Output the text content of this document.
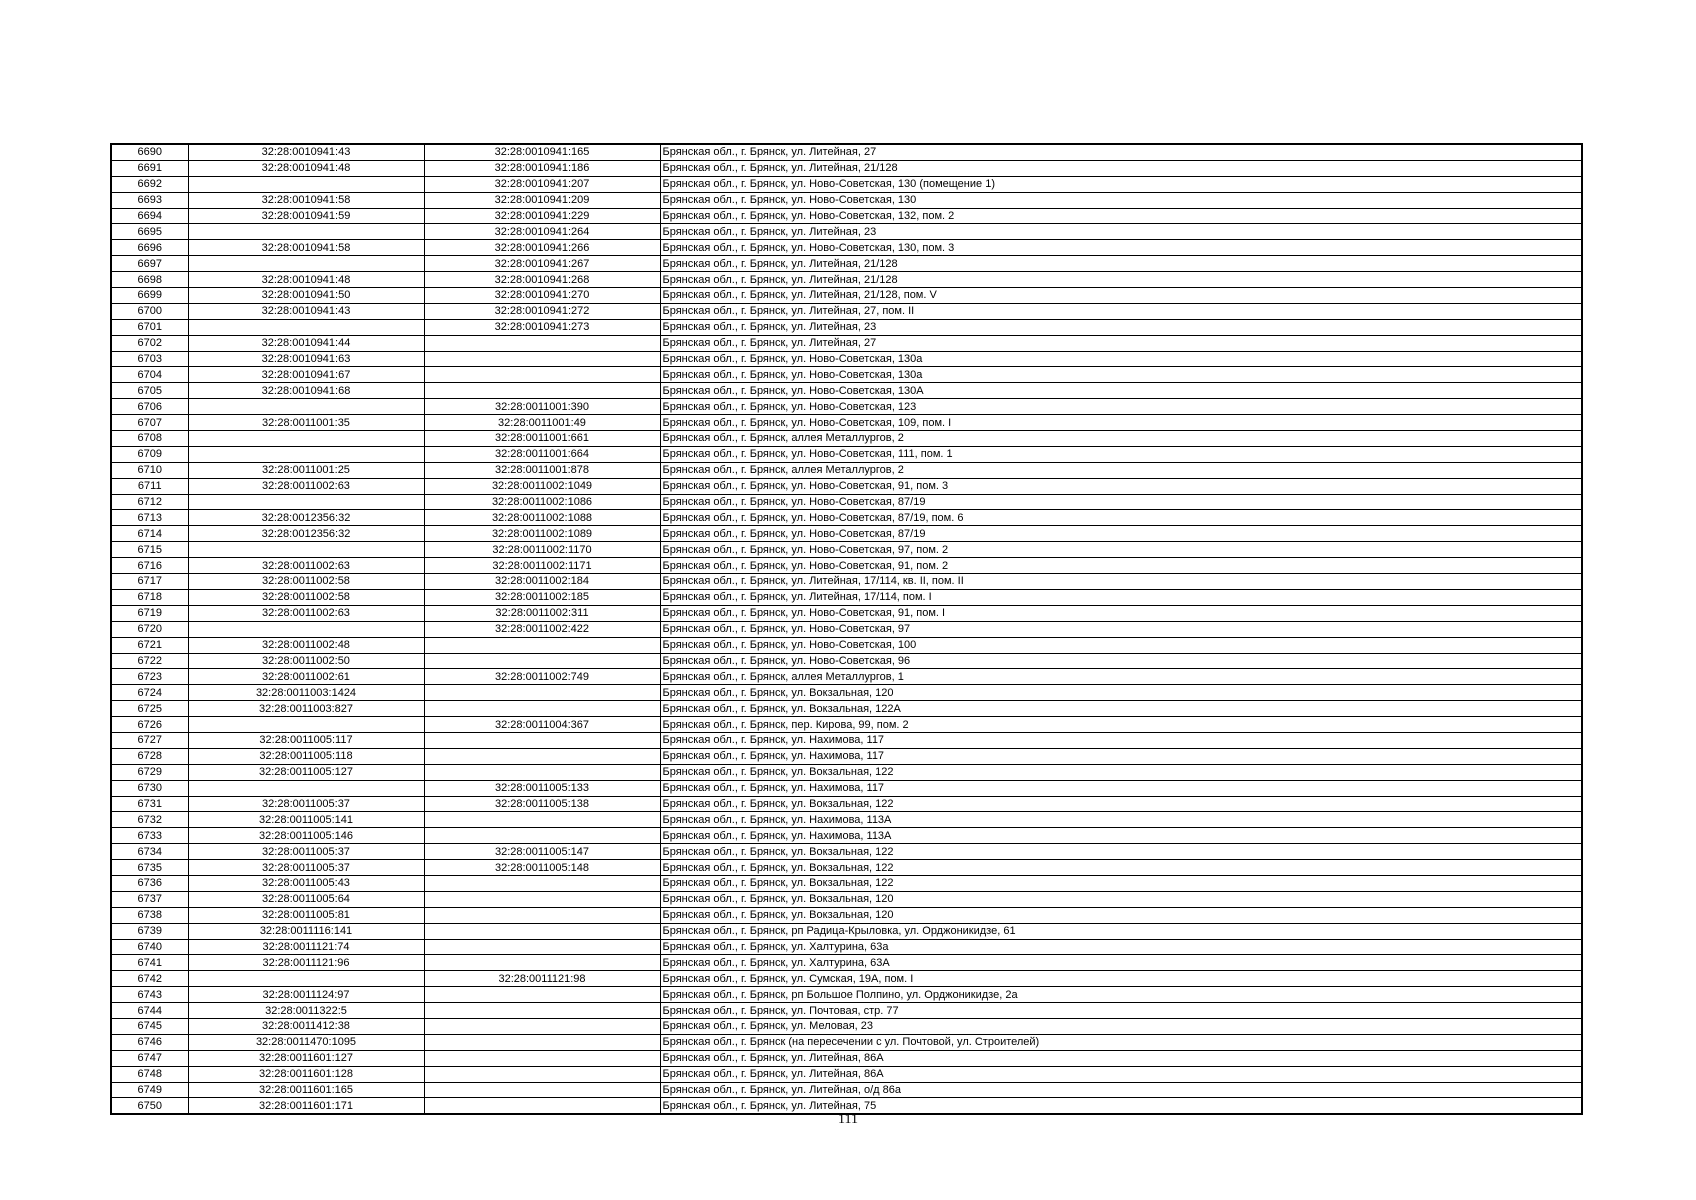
6690	32:28:0010941:43	32:28:0010941:165	Брянская обл., г. Брянск, ул. Литейная, 27
6691	32:28:0010941:48	32:28:0010941:186	Брянская обл., г. Брянск, ул. Литейная, 21/128
6692		32:28:0010941:207	Брянская обл., г. Брянск, ул. Ново-Советская, 130 (помещение 1)
6693	32:28:0010941:58	32:28:0010941:209	Брянская обл., г. Брянск, ул. Ново-Советская, 130
6694	32:28:0010941:59	32:28:0010941:229	Брянская обл., г. Брянск, ул. Ново-Советская, 132, пом. 2
6695		32:28:0010941:264	Брянская обл., г. Брянск, ул. Литейная, 23
6696	32:28:0010941:58	32:28:0010941:266	Брянская обл., г. Брянск, ул. Ново-Советская, 130, пом. 3
6697		32:28:0010941:267	Брянская обл., г. Брянск, ул. Литейная, 21/128
6698	32:28:0010941:48	32:28:0010941:268	Брянская обл., г. Брянск, ул. Литейная, 21/128
6699	32:28:0010941:50	32:28:0010941:270	Брянская обл., г. Брянск, ул. Литейная, 21/128, пом. V
6700	32:28:0010941:43	32:28:0010941:272	Брянская обл., г. Брянск, ул. Литейная, 27, пом. II
6701		32:28:0010941:273	Брянская обл., г. Брянск, ул. Литейная, 23
6702	32:28:0010941:44		Брянская обл., г. Брянск, ул. Литейная, 27
6703	32:28:0010941:63		Брянская обл., г. Брянск, ул. Ново-Советская, 130а
6704	32:28:0010941:67		Брянская обл., г. Брянск, ул. Ново-Советская, 130а
6705	32:28:0010941:68		Брянская обл., г. Брянск, ул. Ново-Советская, 130А
6706		32:28:0011001:390	Брянская обл., г. Брянск, ул. Ново-Советская, 123
6707	32:28:0011001:35	32:28:0011001:49	Брянская обл., г. Брянск, ул. Ново-Советская, 109, пом. I
6708		32:28:0011001:661	Брянская обл., г. Брянск, аллея Металлургов, 2
6709		32:28:0011001:664	Брянская обл., г. Брянск, ул. Ново-Советская, 111, пом. 1
6710	32:28:0011001:25	32:28:0011001:878	Брянская обл., г. Брянск, аллея Металлургов, 2
6711	32:28:0011002:63	32:28:0011002:1049	Брянская обл., г. Брянск, ул. Ново-Советская, 91, пом. 3
6712		32:28:0011002:1086	Брянская обл., г. Брянск, ул. Ново-Советская, 87/19
6713	32:28:0012356:32	32:28:0011002:1088	Брянская обл., г. Брянск, ул. Ново-Советская, 87/19, пом. 6
6714	32:28:0012356:32	32:28:0011002:1089	Брянская обл., г. Брянск, ул. Ново-Советская, 87/19
6715		32:28:0011002:1170	Брянская обл., г. Брянск, ул. Ново-Советская, 97, пом. 2
6716	32:28:0011002:63	32:28:0011002:1171	Брянская обл., г. Брянск, ул. Ново-Советская, 91, пом. 2
6717	32:28:0011002:58	32:28:0011002:184	Брянская обл., г. Брянск, ул. Литейная, 17/114, кв. II, пом. II
6718	32:28:0011002:58	32:28:0011002:185	Брянская обл., г. Брянск, ул. Литейная, 17/114, пом. I
6719	32:28:0011002:63	32:28:0011002:311	Брянская обл., г. Брянск, ул. Ново-Советская, 91, пом. I
6720		32:28:0011002:422	Брянская обл., г. Брянск, ул. Ново-Советская, 97
6721	32:28:0011002:48		Брянская обл., г. Брянск, ул. Ново-Советская, 100
6722	32:28:0011002:50		Брянская обл., г. Брянск, ул. Ново-Советская, 96
6723	32:28:0011002:61	32:28:0011002:749	Брянская обл., г. Брянск, аллея Металлургов, 1
6724	32:28:0011003:1424		Брянская обл., г. Брянск, ул. Вокзальная, 120
6725	32:28:0011003:827		Брянская обл., г. Брянск, ул. Вокзальная, 122А
6726		32:28:0011004:367	Брянская обл., г. Брянск, пер. Кирова, 99, пом. 2
6727	32:28:0011005:117		Брянская обл., г. Брянск, ул. Нахимова, 117
6728	32:28:0011005:118		Брянская обл., г. Брянск, ул. Нахимова, 117
6729	32:28:0011005:127		Брянская обл., г. Брянск, ул. Вокзальная, 122
6730		32:28:0011005:133	Брянская обл., г. Брянск, ул. Нахимова, 117
6731	32:28:0011005:37	32:28:0011005:138	Брянская обл., г. Брянск, ул. Вокзальная, 122
6732	32:28:0011005:141		Брянская обл., г. Брянск, ул. Нахимова, 113А
6733	32:28:0011005:146		Брянская обл., г. Брянск, ул. Нахимова, 113А
6734	32:28:0011005:37	32:28:0011005:147	Брянская обл., г. Брянск, ул. Вокзальная, 122
6735	32:28:0011005:37	32:28:0011005:148	Брянская обл., г. Брянск, ул. Вокзальная, 122
6736	32:28:0011005:43		Брянская обл., г. Брянск, ул. Вокзальная, 122
6737	32:28:0011005:64		Брянская обл., г. Брянск, ул. Вокзальная, 120
6738	32:28:0011005:81		Брянская обл., г. Брянск, ул. Вокзальная, 120
6739	32:28:0011116:141		Брянская обл., г. Брянск, рп Радица-Крыловка, ул. Орджоникидзе, 61
6740	32:28:0011121:74		Брянская обл., г. Брянск, ул. Халтурина, 63а
6741	32:28:0011121:96		Брянская обл., г. Брянск, ул. Халтурина, 63А
6742		32:28:0011121:98	Брянская обл., г. Брянск, ул. Сумская, 19А, пом. I
6743	32:28:0011124:97		Брянская обл., г. Брянск, рп Большое Полпино, ул. Орджоникидзе, 2а
6744	32:28:0011322:5		Брянская обл., г. Брянск, ул. Почтовая, стр. 77
6745	32:28:0011412:38		Брянская обл., г. Брянск, ул. Меловая, 23
6746	32:28:0011470:1095		Брянская обл., г. Брянск (на пересечении с ул. Почтовой, ул. Строителей)
6747	32:28:0011601:127		Брянская обл., г. Брянск, ул. Литейная, 86А
6748	32:28:0011601:128		Брянская обл., г. Брянск, ул. Литейная, 86А
6749	32:28:0011601:165		Брянская обл., г. Брянск, ул. Литейная, о/д 86а
6750	32:28:0011601:171		Брянская обл., г. Брянск, ул. Литейная, 75
111
